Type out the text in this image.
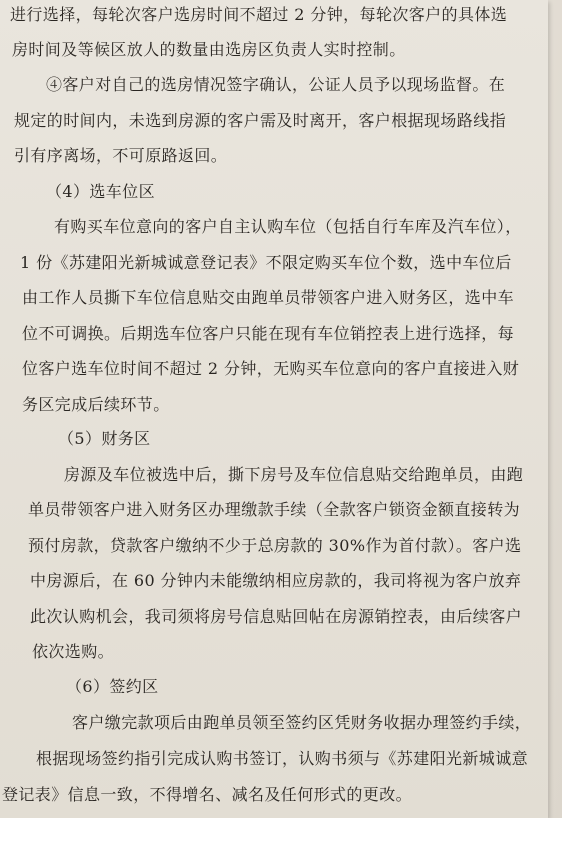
进行选择，每轮次客户选房时间不超过 2 分钟，每轮次客户的具体选
房时间及等候区放人的数量由选房区负责人实时控制。
④客户对自己的选房情况签字确认，公证人员予以现场监督。在
规定的时间内，未选到房源的客户需及时离开，客户根据现场路线指
引有序离场，不可原路返回。
（4）选车位区
有购买车位意向的客户自主认购车位（包括自行车库及汽车位），
1 份《苏建阳光新城诚意登记表》不限定购买车位个数，选中车位后
由工作人员撕下车位信息贴交由跑单员带领客户进入财务区，选中车
位不可调换。后期选车位客户只能在现有车位销控表上进行选择，每
位客户选车位时间不超过 2 分钟，无购买车位意向的客户直接进入财
务区完成后续环节。
（5）财务区
房源及车位被选中后，撕下房号及车位信息贴交给跑单员，由跑
单员带领客户进入财务区办理缴款手续（全款客户锁资金额直接转为
预付房款，贷款客户缴纳不少于总房款的 30%作为首付款）。客户选
中房源后，在 60 分钟内未能缴纳相应房款的，我司将视为客户放弃
此次认购机会，我司须将房号信息贴回帖在房源销控表，由后续客户
依次选购。
（6）签约区
客户缴完款项后由跑单员领至签约区凭财务收据办理签约手续，
根据现场签约指引完成认购书签订，认购书须与《苏建阳光新城诚意
登记表》信息一致，不得增名、减名及任何形式的更改。
